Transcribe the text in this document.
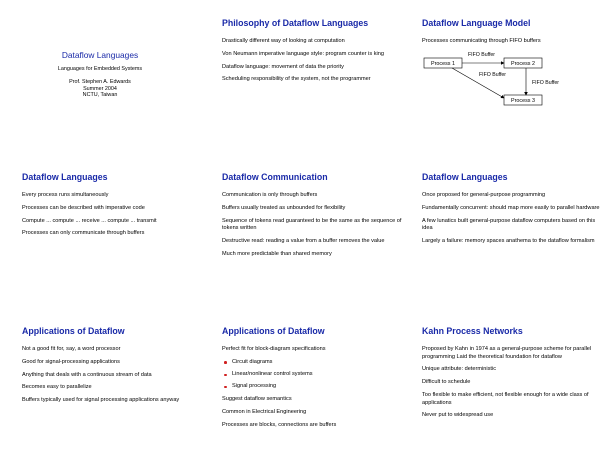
Dataflow Languages
Languages for Embedded Systems
Prof. Stephen A. Edwards
Summer 2004
NCTU, Taiwan
Philosophy of Dataflow Languages

Drastically different way of looking at computation

Von Neumann imperative language style: program counter is king

Dataflow language: movement of data the priority

Scheduling responsibility of the system, not the programmer

Dataflow Language Model

Processes communicating through FIFO buffers

Process 1	Process 2
Process 3
FIFO Buffer
FIFO Buffer
FIFO Buffer
Dataflow Languages

Every process runs simultaneously

Processes can be described with imperative code

Compute ... compute ... receive ... compute ... transmit

Processes can only communicate through buffers

Dataflow Communication

Communication is only through buffers

Buffers usually treated as unbounded for flexibility

Sequence of tokens read guaranteed to be the same as the sequence of tokens written

Destructive read: reading a value from a buffer removes the value

Much more predictable than shared memory

Dataflow Languages

Once proposed for general-purpose programming

Fundamentally concurrent: should map more easily to parallel hardware

A few lunatics built general-purpose dataflow computers based on this idea

Largely a failure: memory spaces anathema to the dataflow formalism

Applications of Dataflow

Not a good fit for, say, a word processor

Good for signal-processing applications

Anything that deals with a continuous stream of data

Becomes easy to parallelize

Buffers typically used for signal processing applications anyway

Applications of Dataflow

Perfect fit for block-diagram specifications

Circuit diagrams
Linear/nonlinear control systems
Signal processing

Suggest dataflow semantics

Common in Electrical Engineering

Processes are blocks, connections are buffers

Kahn Process Networks

Proposed by Kahn in 1974 as a general-purpose scheme for parallel programming Laid the theoretical foundation for dataflow

Unique attribute: deterministic

Difficult to schedule

Too flexible to make efficient, not flexible enough for a wide class of applications

Never put to widespread use
